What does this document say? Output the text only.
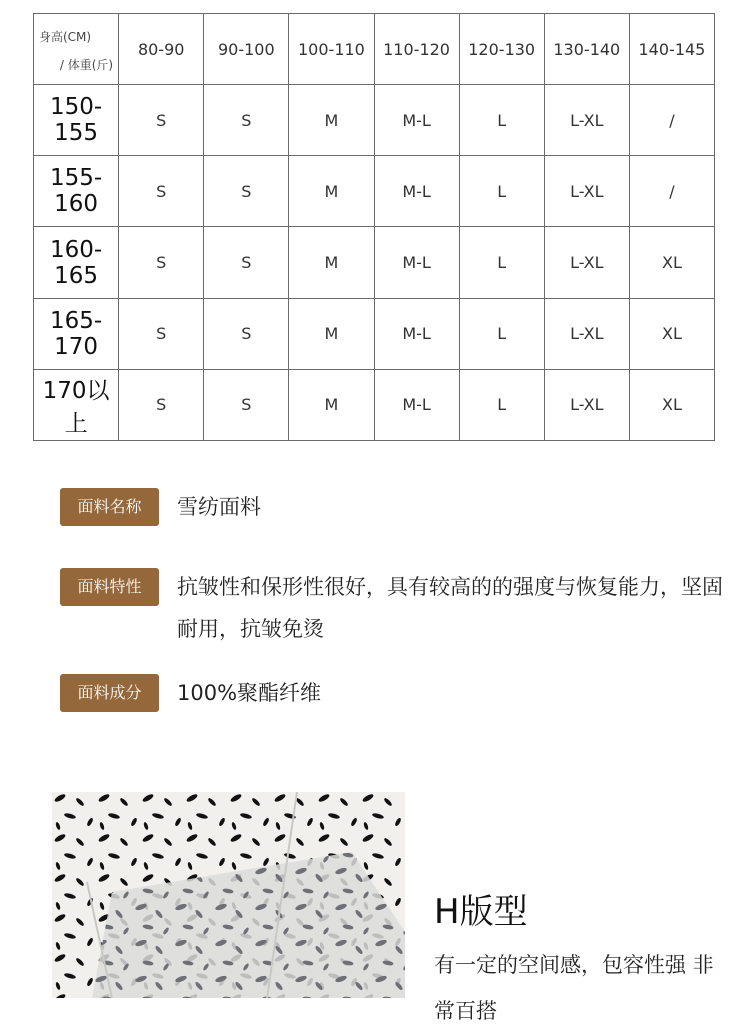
身高(CM)
/ 体重(斤)	80-90	90-100	100-110	110-120	120-130	130-140	140-145
150-155	S	S	M	M-L	L	L-XL	/
155-160	S	S	M	M-L	L	L-XL	/
160-165	S	S	M	M-L	L	L-XL	XL
165-170	S	S	M	M-L	L	L-XL	XL
170以上	S	S	M	M-L	L	L-XL	XL
面料名称	雪纺面料
面料特性	抗皱性和保形性很好，具有较高的的强度与恢复能力，坚固耐用，抗皱免烫
面料成分	100%聚酯纤维
H版型
有一定的空间感，包容性强 非常百搭
